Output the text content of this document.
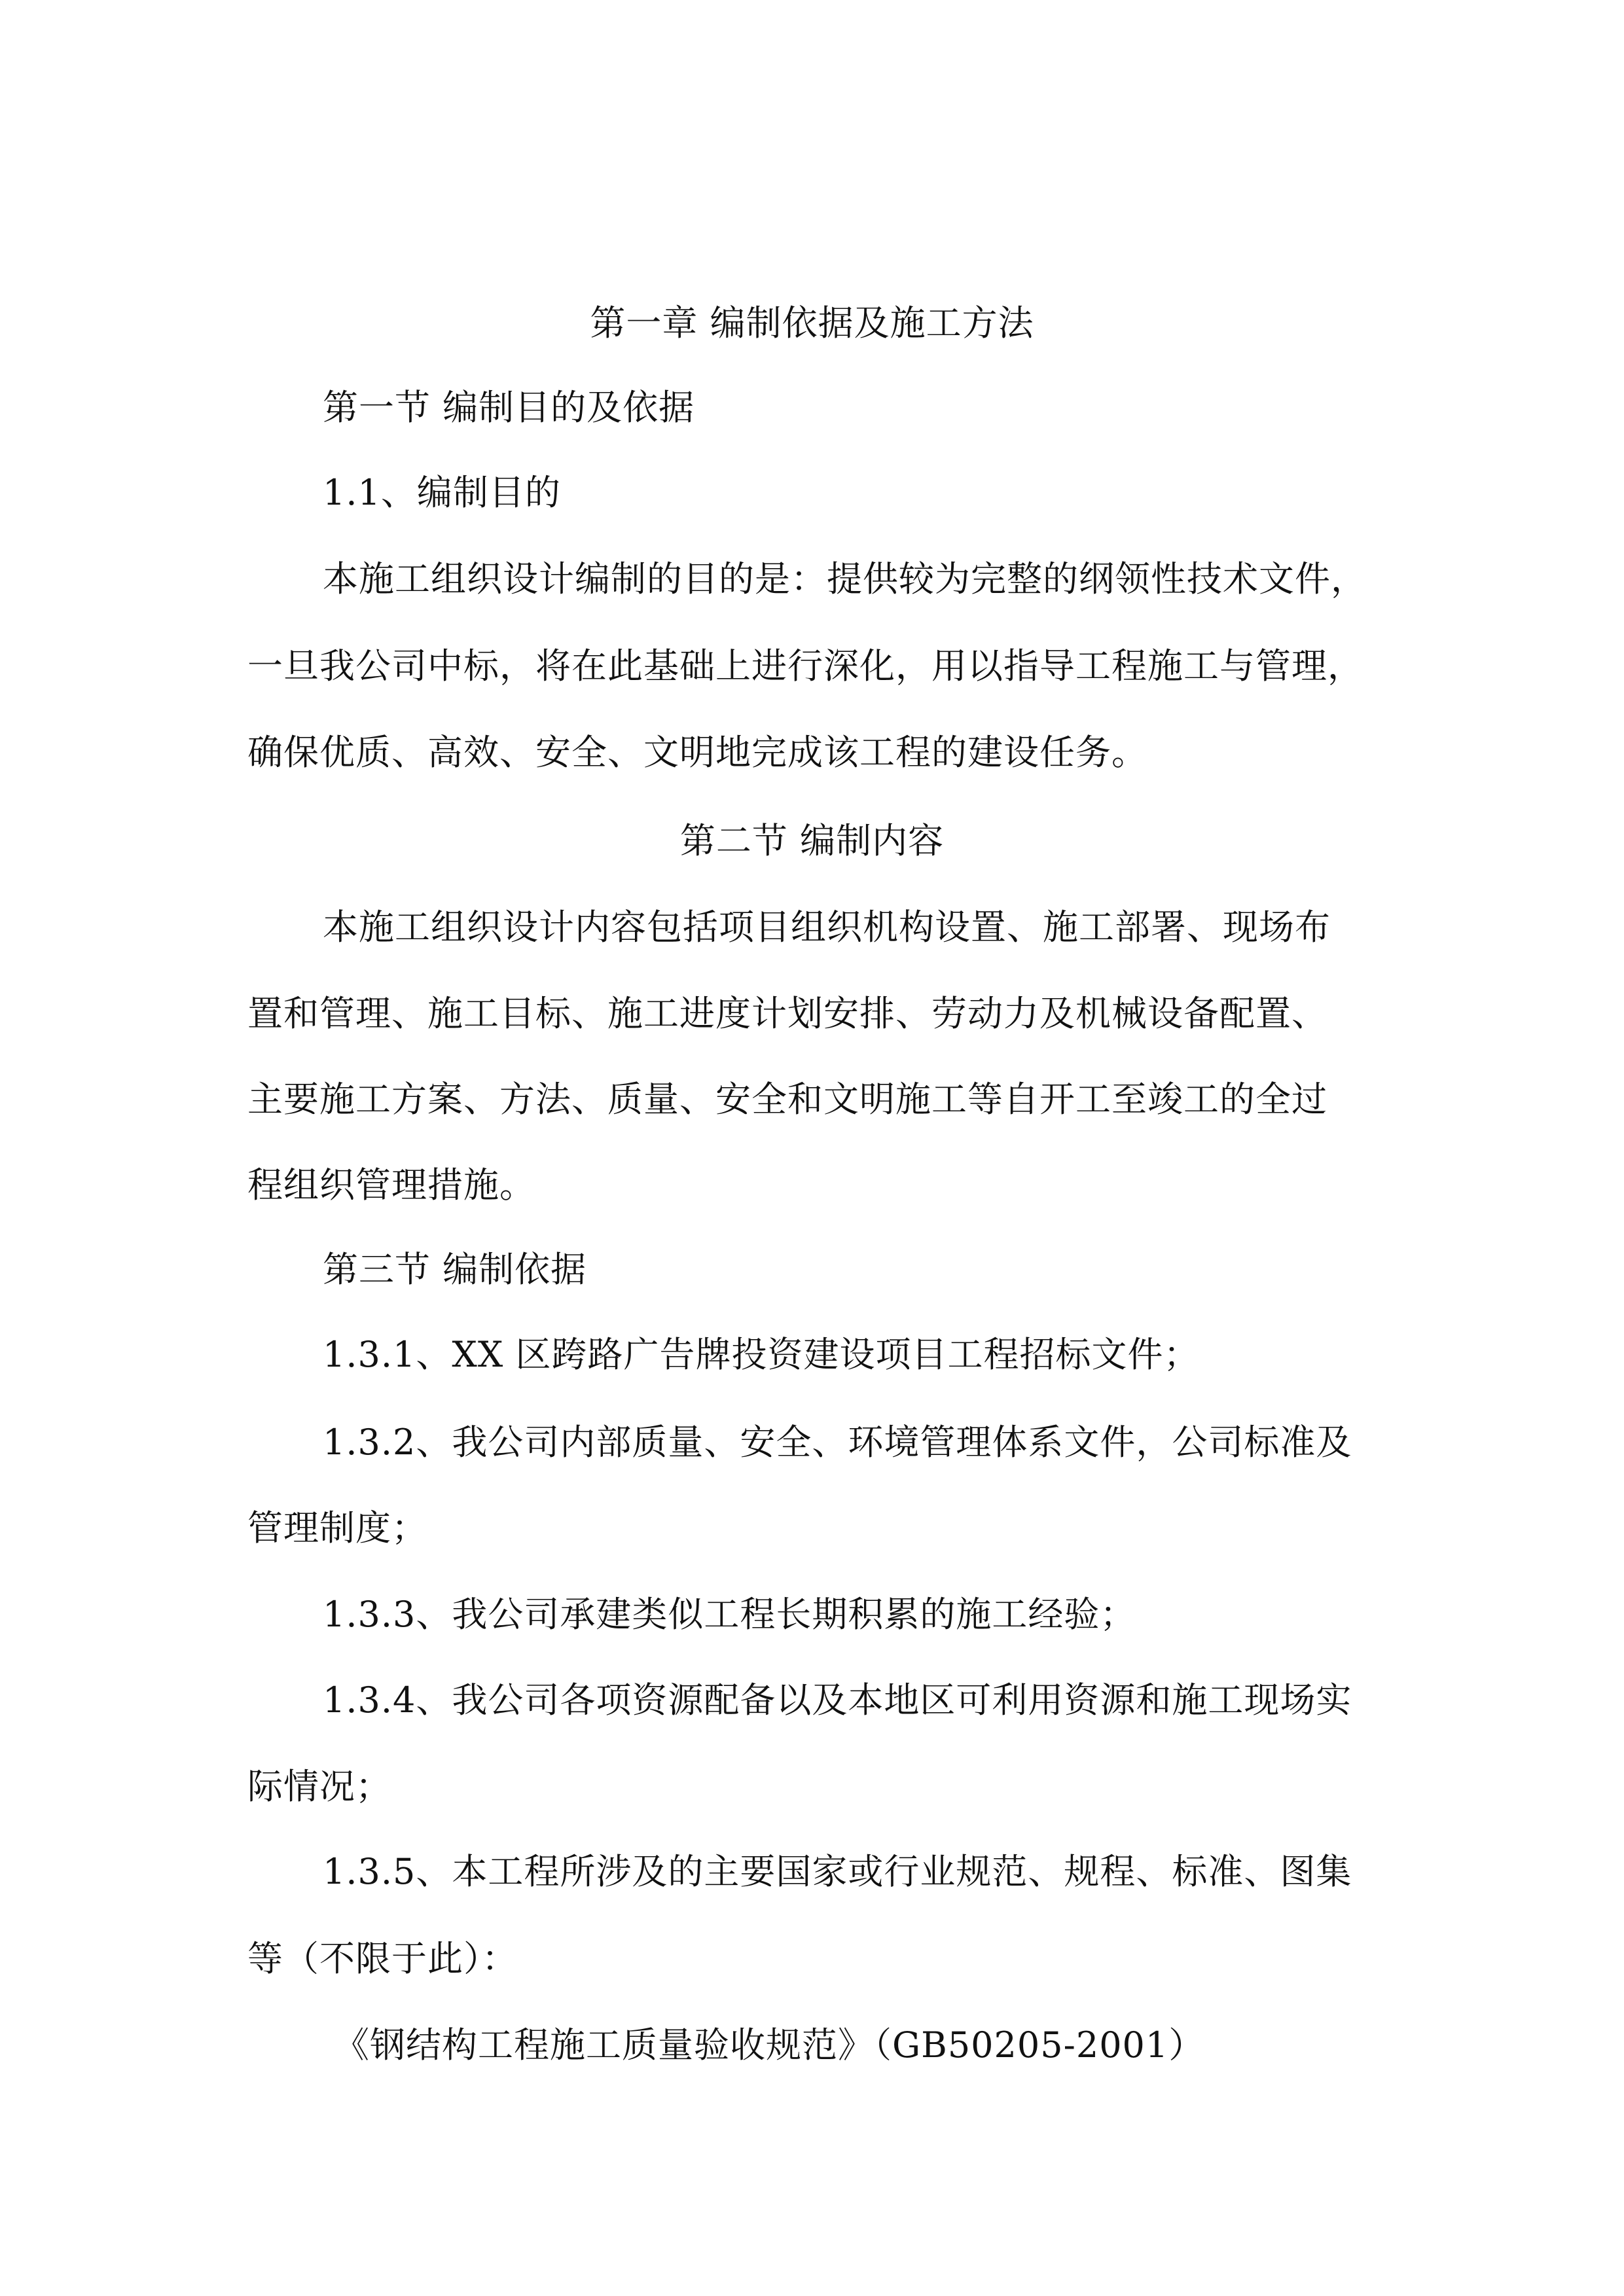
第一章 编制依据及施工方法
第一节 编制目的及依据
1.1、编制目的
本施工组织设计编制的目的是：提供较为完整的纲领性技术文件，
一旦我公司中标，将在此基础上进行深化，用以指导工程施工与管理，
确保优质、高效、安全、文明地完成该工程的建设任务。
第二节 编制内容
本施工组织设计内容包括项目组织机构设置、施工部署、现场布
置和管理、施工目标、施工进度计划安排、劳动力及机械设备配置、
主要施工方案、方法、质量、安全和文明施工等自开工至竣工的全过
程组织管理措施。
第三节 编制依据
1.3.1、XX 区跨路广告牌投资建设项目工程招标文件；
1.3.2、我公司内部质量、安全、环境管理体系文件，公司标准及
管理制度；
1.3.3、我公司承建类似工程长期积累的施工经验；
1.3.4、我公司各项资源配备以及本地区可利用资源和施工现场实
际情况；
1.3.5、本工程所涉及的主要国家或行业规范、规程、标准、图集
等（不限于此）：
《钢结构工程施工质量验收规范》（GB50205-2001）
